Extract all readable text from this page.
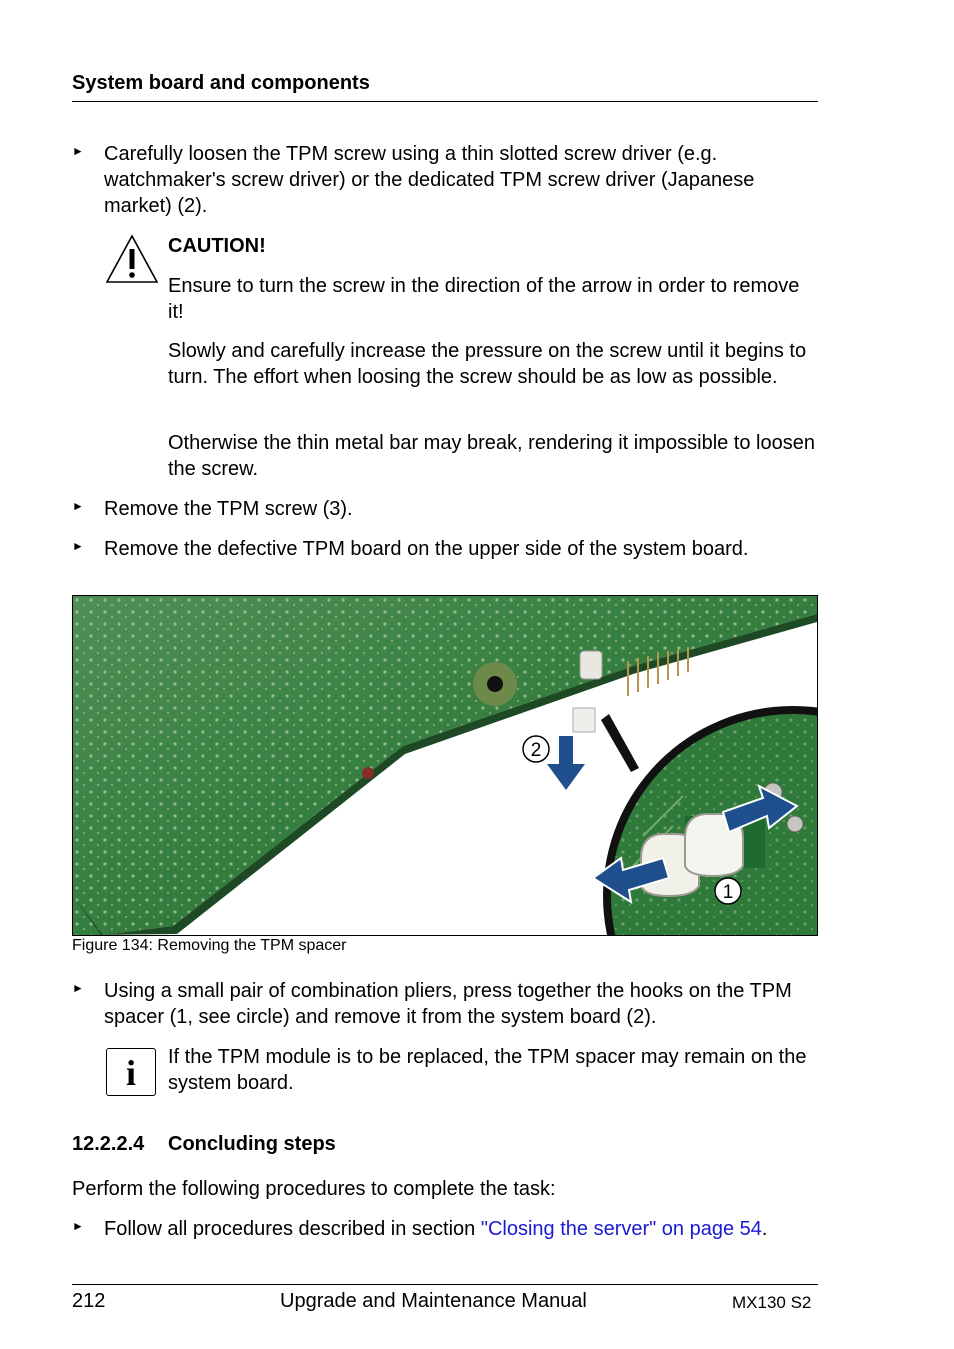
System board and components
► Carefully loosen the TPM screw using a thin slotted screw driver (e.g. watchmaker's screw driver) or the dedicated TPM screw driver (Japanese market) (2).
CAUTION!
Ensure to turn the screw in the direction of the arrow in order to remove it!
Slowly and carefully increase the pressure on the screw until it begins to turn. The effort when loosing the screw should be as low as possible.
Otherwise the thin metal bar may break, rendering it impossible to loosen the screw.
► Remove the TPM screw (3).
► Remove the defective TPM board on the upper side of the system board.
2
1
Figure 134: Removing the TPM spacer
► Using a small pair of combination pliers, press together the hooks on the TPM spacer (1, see circle) and remove it from the system board (2).
i	If the TPM module is to be replaced, the TPM spacer may remain on the system board.
12.2.2.4 Concluding steps
Perform the following procedures to complete the task:
► Follow all procedures described in section "Closing the server" on page 54.
212	Upgrade and Maintenance Manual	MX130 S2
